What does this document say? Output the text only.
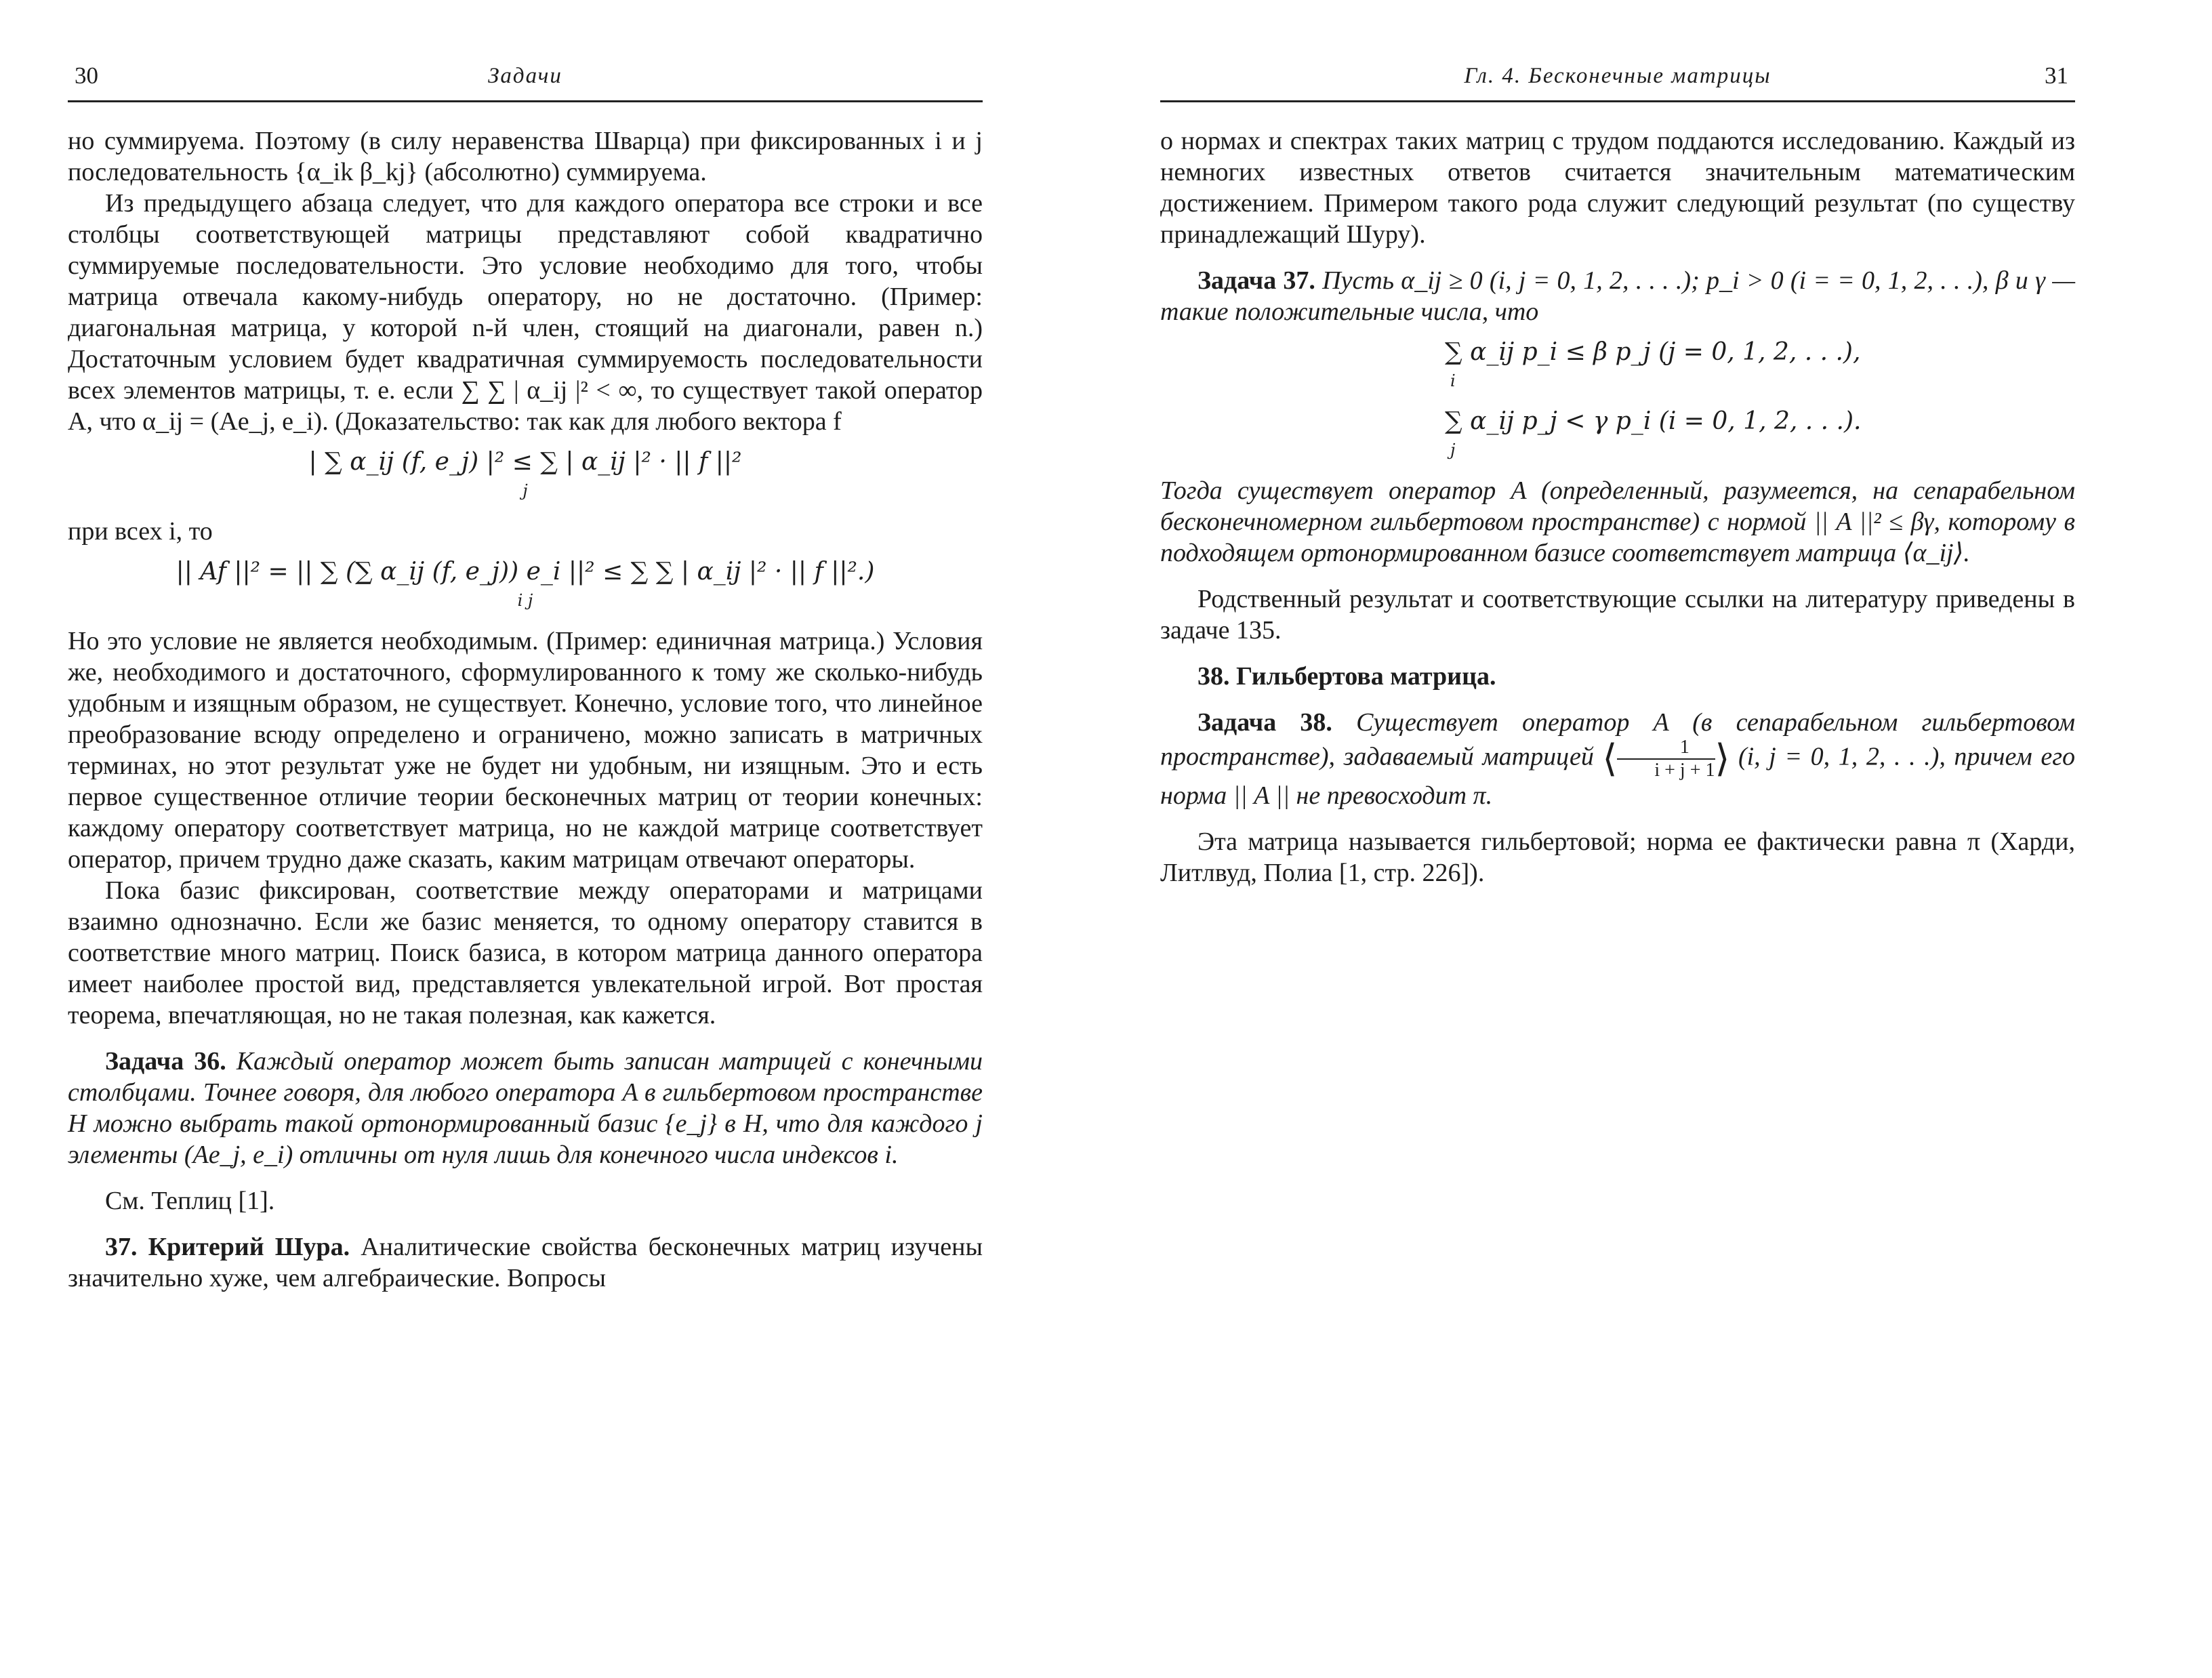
30	Задачи

но суммируема. Поэтому (в силу неравенства Шварца) при фиксированных i и j последовательность {α_ik β_kj} (абсолютно) суммируема.

Из предыдущего абзаца следует, что для каждого оператора все строки и все столбцы соответствующей матрицы представляют собой квадратично суммируемые последовательности. Это условие необходимо для того, чтобы матрица отвечала какому-нибудь оператору, но не достаточно. (Пример: диагональная матрица, у которой n-й член, стоящий на диагонали, равен n.) Достаточным условием будет квадратичная суммируемость последовательности всех элементов матрицы, т. е. если ∑ ∑ | α_ij |² < ∞, то существует такой оператор A, что α_ij = (Ae_j, e_i). (Доказательство: так как для любого вектора f

| ∑ α_ij (f, e_j) |² ≤ ∑ | α_ij |² · || f ||²
j

при всех i, то

|| Af ||² = || ∑ (∑ α_ij (f, e_j)) e_i ||² ≤ ∑ ∑ | α_ij |² · || f ||².)
i j

Но это условие не является необходимым. (Пример: единичная матрица.) Условия же, необходимого и достаточного, сформулированного к тому же сколько-нибудь удобным и изящным образом, не существует. Конечно, условие того, что линейное преобразование всюду определено и ограничено, можно записать в матричных терминах, но этот результат уже не будет ни удобным, ни изящным. Это и есть первое существенное отличие теории бесконечных матриц от теории конечных: каждому оператору соответствует матрица, но не каждой матрице соответствует оператор, причем трудно даже сказать, каким матрицам отвечают операторы.

Пока базис фиксирован, соответствие между операторами и матрицами взаимно однозначно. Если же базис меняется, то одному оператору ставится в соответствие много матриц. Поиск базиса, в котором матрица данного оператора имеет наиболее простой вид, представляется увлекательной игрой. Вот простая теорема, впечатляющая, но не такая полезная, как кажется.

Задача 36. Каждый оператор может быть записан матрицей с конечными столбцами. Точнее говоря, для любого оператора A в гильбертовом пространстве H можно выбрать такой ортонормированный базис {e_j} в H, что для каждого j элементы (Ae_j, e_i) отличны от нуля лишь для конечного числа индексов i.

См. Теплиц [1].

37. Критерий Шура. Аналитические свойства бесконечных матриц изучены значительно хуже, чем алгебраические. Вопросы

Гл. 4. Бесконечные матрицы	31

о нормах и спектрах таких матриц с трудом поддаются исследованию. Каждый из немногих известных ответов считается значительным математическим достижением. Примером такого рода служит следующий результат (по существу принадлежащий Шуру).

Задача 37. Пусть α_ij ≥ 0 (i, j = 0, 1, 2, . . . .); p_i > 0 (i = = 0, 1, 2, . . .), β и γ — такие положительные числа, что

∑ α_ij p_i ≤ β p_j (j = 0, 1, 2, . . .),
i
∑ α_ij p_j < γ p_i (i = 0, 1, 2, . . .).
j

Тогда существует оператор A (определенный, разумеется, на сепарабельном бесконечномерном гильбертовом пространстве) с нормой || A ||² ≤ βγ, которому в подходящем ортонормированном базисе соответствует матрица ⟨α_ij⟩.

Родственный результат и соответствующие ссылки на литературу приведены в задаче 135.

38. Гильбертова матрица.

Задача 38. Существует оператор A (в сепарабельном гильбертовом пространстве), задаваемый матрицей ⟨ $\frac{1}{i + j + 1}$ ⟩ (i, j = 0, 1, 2, . . .), причем его норма || A || не превосходит π.

Эта матрица называется гильбертовой; норма ее фактически равна π (Харди, Литлвуд, Полиа [1, стр. 226]).
